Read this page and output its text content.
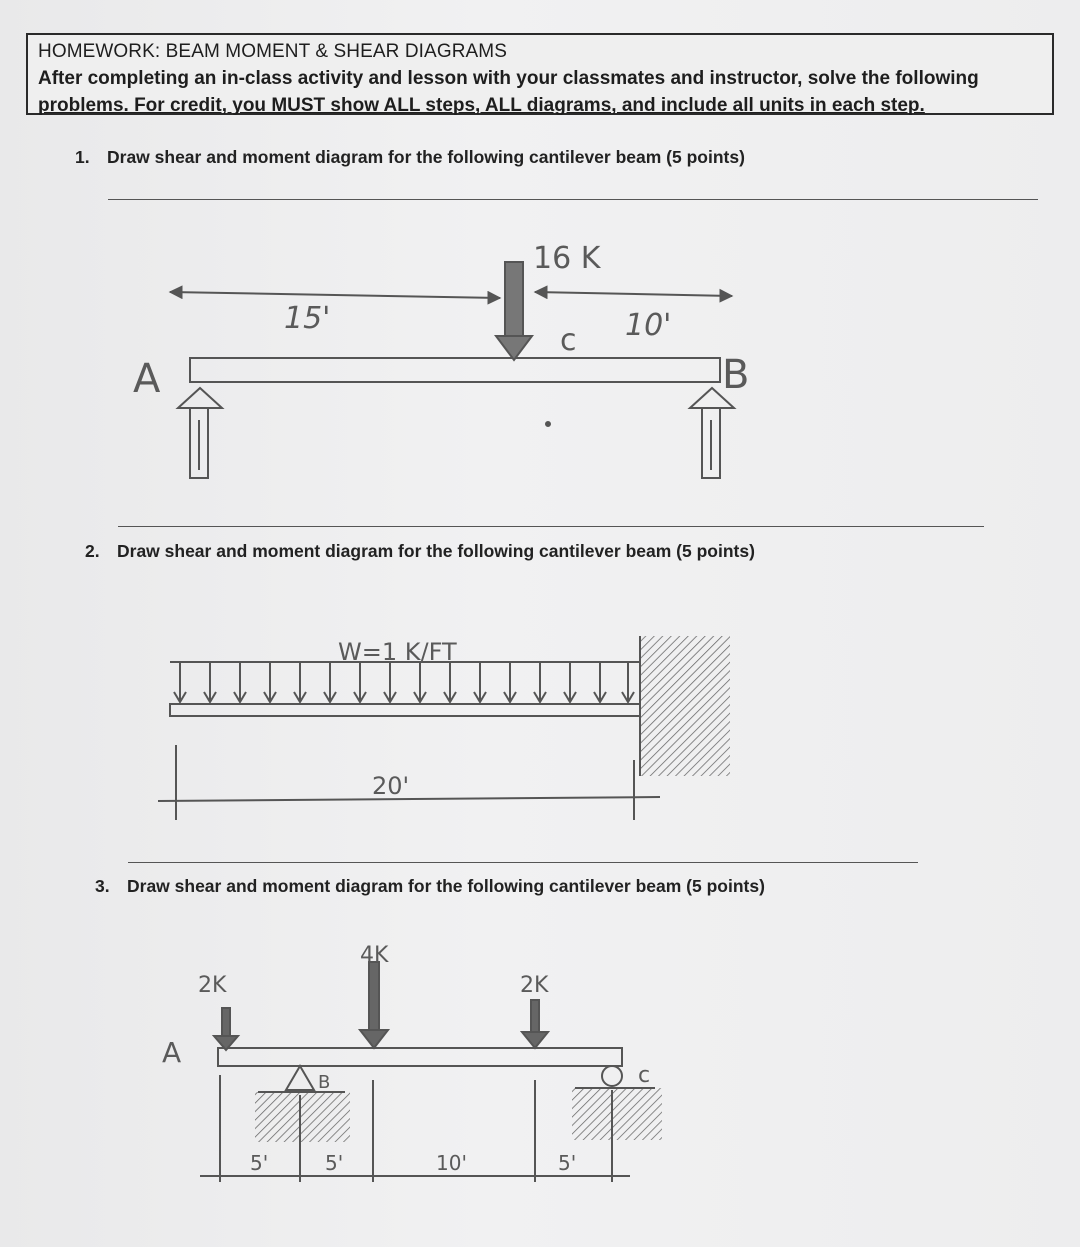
HOMEWORK: BEAM MOMENT & SHEAR DIAGRAMS
After completing an in-class activity and lesson with your classmates and instructor, solve the following
problems. For credit, you MUST show ALL steps, ALL diagrams, and include all units in each step.
1. Draw shear and moment diagram for the following cantilever beam (5 points)
2. Draw shear and moment diagram for the following cantilever beam (5 points)
3. Draw shear and moment diagram for the following cantilever beam (5 points)
16 K
15'	10'
c
A	B
W=1 K/FT
20'
2K
4K
2K
A
B	c
5'	5'	10'	5'
